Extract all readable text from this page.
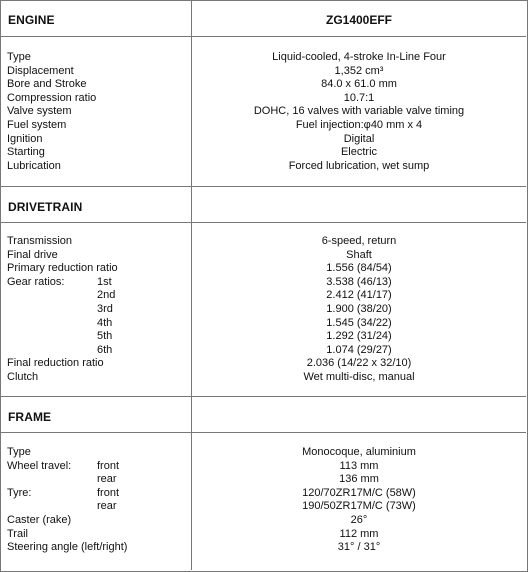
ENGINE	ZG1400EFF
Type	Liquid-cooled, 4-stroke In-Line Four
Displacement	1,352 cm³
Bore and Stroke	84.0 x 61.0 mm
Compression ratio	10.7:1
Valve system	DOHC, 16 valves with variable valve timing
Fuel system	Fuel injection:φ40 mm x 4
Ignition	Digital
Starting	Electric
Lubrication	Forced lubrication, wet sump
DRIVETRAIN
Transmission	6-speed, return
Final drive	Shaft
Primary reduction ratio	1.556 (84/54)
Gear ratios:	1st	3.538 (46/13)
2nd	2.412 (41/17)
3rd	1.900 (38/20)
4th	1.545 (34/22)
5th	1.292 (31/24)
6th	1.074 (29/27)
Final reduction ratio	2.036 (14/22 x 32/10)
Clutch	Wet multi-disc, manual
FRAME
Type	Monocoque, aluminium
Wheel travel: front	113 mm
rear	136 mm
Tyre:	front	120/70ZR17M/C (58W)
rear	190/50ZR17M/C (73W)
Caster (rake)	26°
Trail	112 mm
Steering angle (left/right)	31° / 31°
